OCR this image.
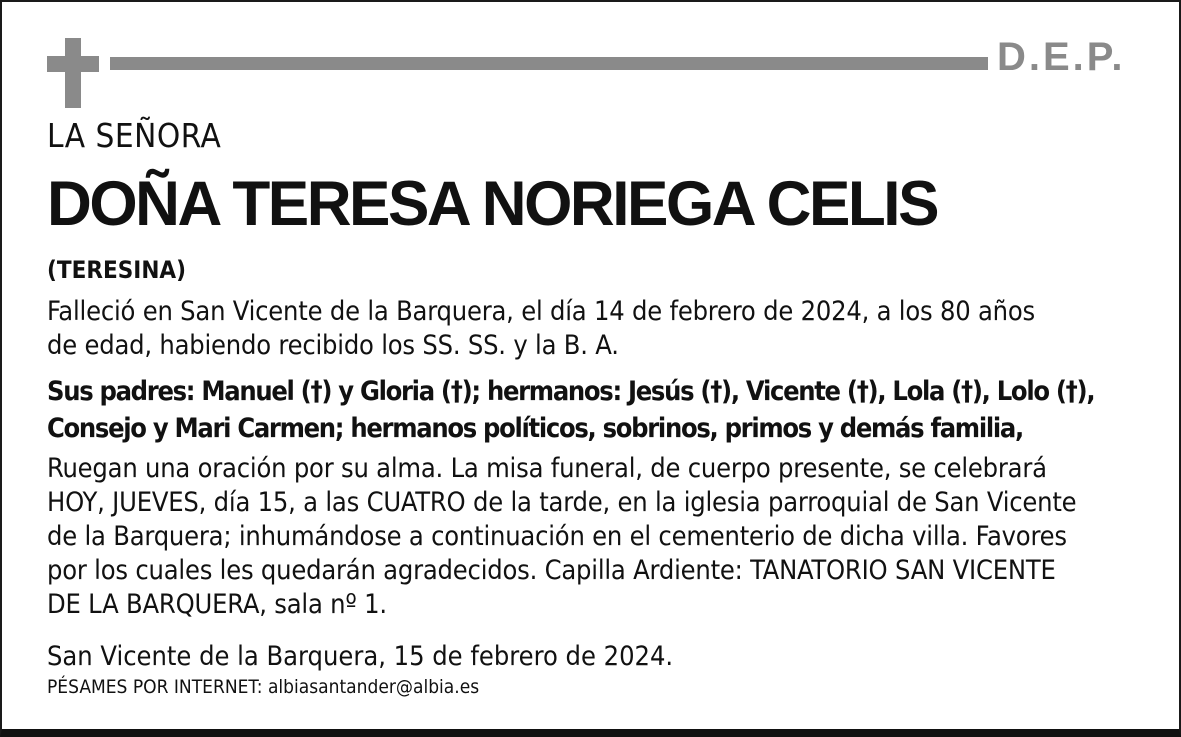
D.E.P.
LA SEÑORA
DOÑA TERESA NORIEGA CELIS
(TERESINA)
Falleció en San Vicente de la Barquera, el día 14 de febrero de 2024, a los 80 años
de edad, habiendo recibido los SS. SS. y la B. A.
Sus padres: Manuel (†) y Gloria (†); hermanos: Jesús (†), Vicente (†), Lola (†), Lolo (†),
Consejo y Mari Carmen; hermanos políticos, sobrinos, primos y demás familia,
Ruegan una oración por su alma. La misa funeral, de cuerpo presente, se celebrará
HOY, JUEVES, día 15, a las CUATRO de la tarde, en la iglesia parroquial de San Vicente
de la Barquera; inhumándose a continuación en el cementerio de dicha villa. Favores
por los cuales les quedarán agradecidos. Capilla Ardiente: TANATORIO SAN VICENTE
DE LA BARQUERA, sala nº 1.
San Vicente de la Barquera, 15 de febrero de 2024.
PÉSAMES POR INTERNET: albiasantander@albia.es
